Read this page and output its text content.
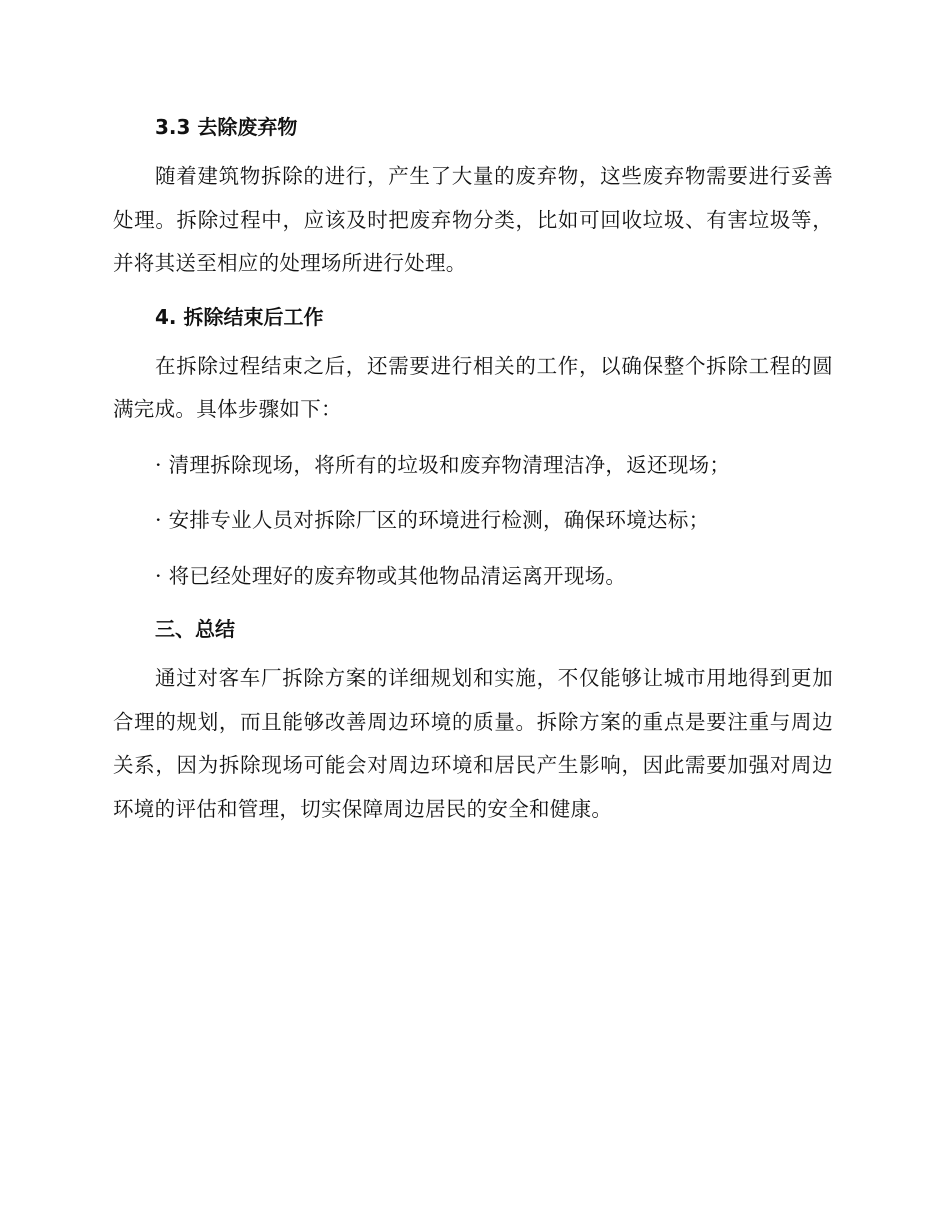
3.3 去除废弃物

随着建筑物拆除的进行，产生了大量的废弃物，这些废弃物需要进行妥善处理。拆除过程中，应该及时把废弃物分类，比如可回收垃圾、有害垃圾等，并将其送至相应的处理场所进行处理。

4. 拆除结束后工作

在拆除过程结束之后，还需要进行相关的工作，以确保整个拆除工程的圆满完成。具体步骤如下：

· 清理拆除现场，将所有的垃圾和废弃物清理洁净，返还现场；

· 安排专业人员对拆除厂区的环境进行检测，确保环境达标；

· 将已经处理好的废弃物或其他物品清运离开现场。

三、总结

通过对客车厂拆除方案的详细规划和实施，不仅能够让城市用地得到更加合理的规划，而且能够改善周边环境的质量。拆除方案的重点是要注重与周边关系，因为拆除现场可能会对周边环境和居民产生影响，因此需要加强对周边环境的评估和管理，切实保障周边居民的安全和健康。
